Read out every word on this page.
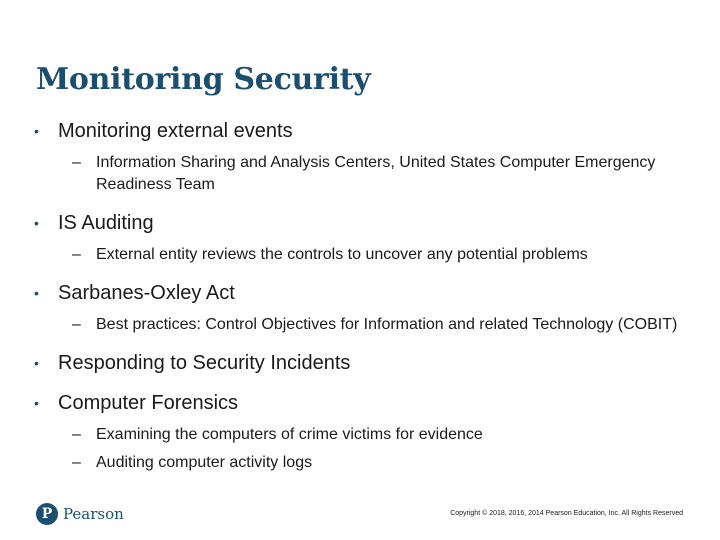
Monitoring Security
• Monitoring external events
– Information Sharing and Analysis Centers, United States Computer Emergency Readiness Team
• IS Auditing
– External entity reviews the controls to uncover any potential problems
• Sarbanes-Oxley Act
– Best practices: Control Objectives for Information and related Technology (COBIT)
• Responding to Security Incidents
• Computer Forensics
– Examining the computers of crime victims for evidence
– Auditing computer activity logs
P Pearson	Copyright © 2018, 2016, 2014 Pearson Education, Inc. All Rights Reserved
